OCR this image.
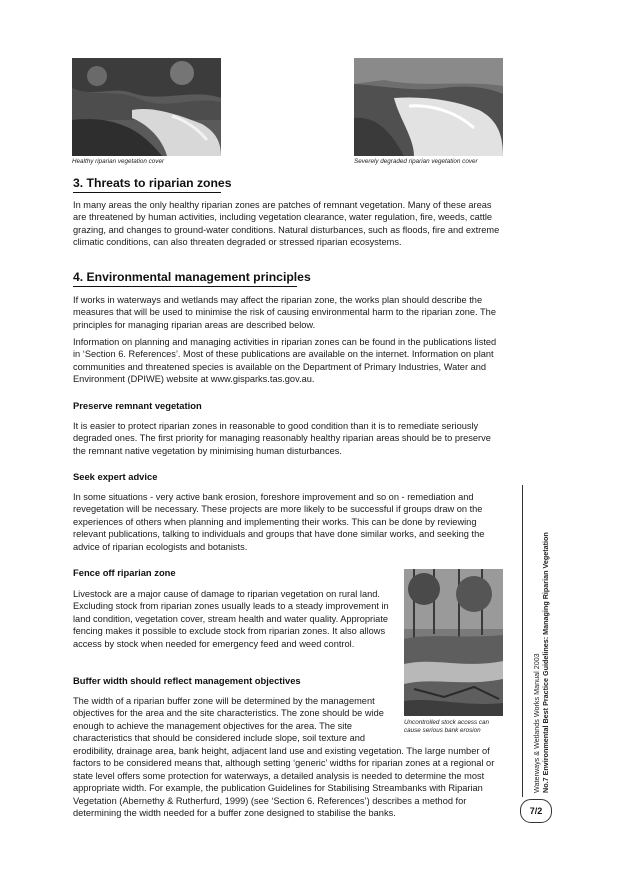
Healthy riparian vegetation cover	Severely degraded riparian vegetation cover
3. Threats to riparian zones

In many areas the only healthy riparian zones are patches of remnant vegetation. Many of these areas are threatened by human activities, including vegetation clearance, water regulation, fire, weeds, cattle grazing, and changes to ground-water conditions. Natural disturbances, such as floods, fire and extreme climatic conditions, can also threaten degraded or stressed riparian ecosystems.

4. Environmental management principles

If works in waterways and wetlands may affect the riparian zone, the works plan should describe the measures that will be used to minimise the risk of causing environmental harm to the riparian zone. The principles for managing riparian areas are described below.

Information on planning and managing activities in riparian zones can be found in the publications listed in ‘Section 6. References’. Most of these publications are available on the internet. Information on plant communities and threatened species is available on the Department of Primary Industries, Water and Environment (DPIWE) website at www.gisparks.tas.gov.au.

Preserve remnant vegetation

It is easier to protect riparian zones in reasonable to good condition than it is to remediate seriously degraded ones. The first priority for managing reasonably healthy riparian areas should be to preserve the remnant native vegetation by minimising human disturbances.

Seek expert advice

In some situations - very active bank erosion, foreshore improvement and so on - remediation and revegetation will be necessary. These projects are more likely to be successful if groups draw on the experiences of others when planning and implementing their works. This can be done by reviewing relevant publications, talking to individuals and groups that have done similar works, and seeking the advice of riparian ecologists and botanists.

Fence off riparian zone

Livestock are a major cause of damage to riparian vegetation on rural land. Excluding stock from riparian zones usually leads to a steady improvement in land condition, vegetation cover, stream health and water quality. Appropriate fencing makes it possible to exclude stock from riparian zones. It also allows access by stock when needed for emergency feed and weed control.

Buffer width should reflect management objectives

The width of a riparian buffer zone will be determined by the management objectives for the area and the site characteristics. The zone should be wide enough to achieve the management objectives for the area. The site characteristics that should be considered include slope, soil texture and

erodibility, drainage area, bank height, adjacent land use and existing vegetation. The large number of factors to be considered means that, although setting ‘generic’ widths for riparian zones at a regional or state level offers some protection for waterways, a detailed analysis is needed to determine the most appropriate width. For example, the publication Guidelines for Stabilising Streambanks with Riparian Vegetation (Abernethy & Rutherfurd, 1999) (see ‘Section 6. References’) describes a method for determining the width needed for a buffer zone designed to stabilise the banks.

Uncontrolled stock access can
cause serious bank erosion	Waterways & Wetlands Works Manual 2003 No.7 Environmental Best Practice Guidelines: Managing Riparian Vegetation
7/2
